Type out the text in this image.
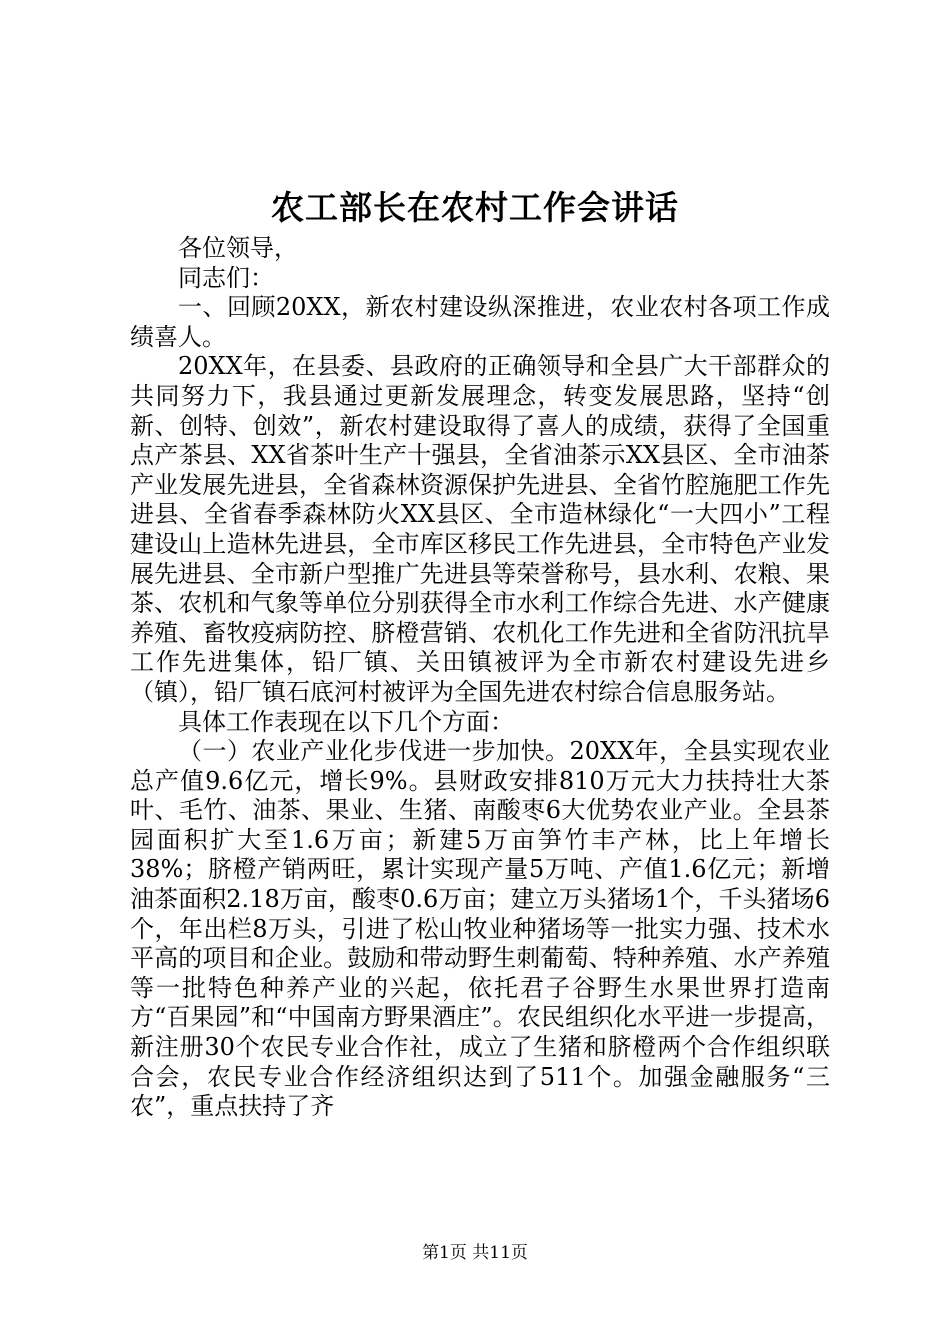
农工部长在农村工作会讲话

各位领导，

同志们：

一、回顾20XX，新农村建设纵深推进，农业农村各项工作成绩喜人。

20XX年，在县委、县政府的正确领导和全县广大干部群众的共同努力下，我县通过更新发展理念，转变发展思路，坚持“创新、创特、创效”，新农村建设取得了喜人的成绩，获得了全国重点产茶县、XX省茶叶生产十强县，全省油茶示XX县区、全市油茶产业发展先进县，全省森林资源保护先进县、全省竹腔施肥工作先进县、全省春季森林防火XX县区、全市造林绿化“一大四小”工程建设山上造林先进县，全市库区移民工作先进县，全市特色产业发展先进县、全市新户型推广先进县等荣誉称号，县水利、农粮、果茶、农机和气象等单位分别获得全市水利工作综合先进、水产健康养殖、畜牧疫病防控、脐橙营销、农机化工作先进和全省防汛抗旱工作先进集体，铅厂镇、关田镇被评为全市新农村建设先进乡（镇），铅厂镇石底河村被评为全国先进农村综合信息服务站。

具体工作表现在以下几个方面：

（一）农业产业化步伐进一步加快。20XX年，全县实现农业总产值9.6亿元，增长9%。县财政安排810万元大力扶持壮大茶叶、毛竹、油茶、果业、生猪、南酸枣6大优势农业产业。全县茶园面积扩大至1.6万亩；新建5万亩笋竹丰产林，比上年增长38%；脐橙产销两旺，累计实现产量5万吨、产值1.6亿元；新增油茶面积2.18万亩，酸枣0.6万亩；建立万头猪场1个，千头猪场6个，年出栏8万头，引进了松山牧业种猪场等一批实力强、技术水平高的项目和企业。鼓励和带动野生刺葡萄、特种养殖、水产养殖等一批特色种养产业的兴起，依托君子谷野生水果世界打造南方“百果园”和“中国南方野果酒庄”。农民组织化水平进一步提高，新注册30个农民专业合作社，成立了生猪和脐橙两个合作组织联合会，农民专业合作经济组织达到了511个。加强金融服务“三农”，重点扶持了齐

第1页 共11页
